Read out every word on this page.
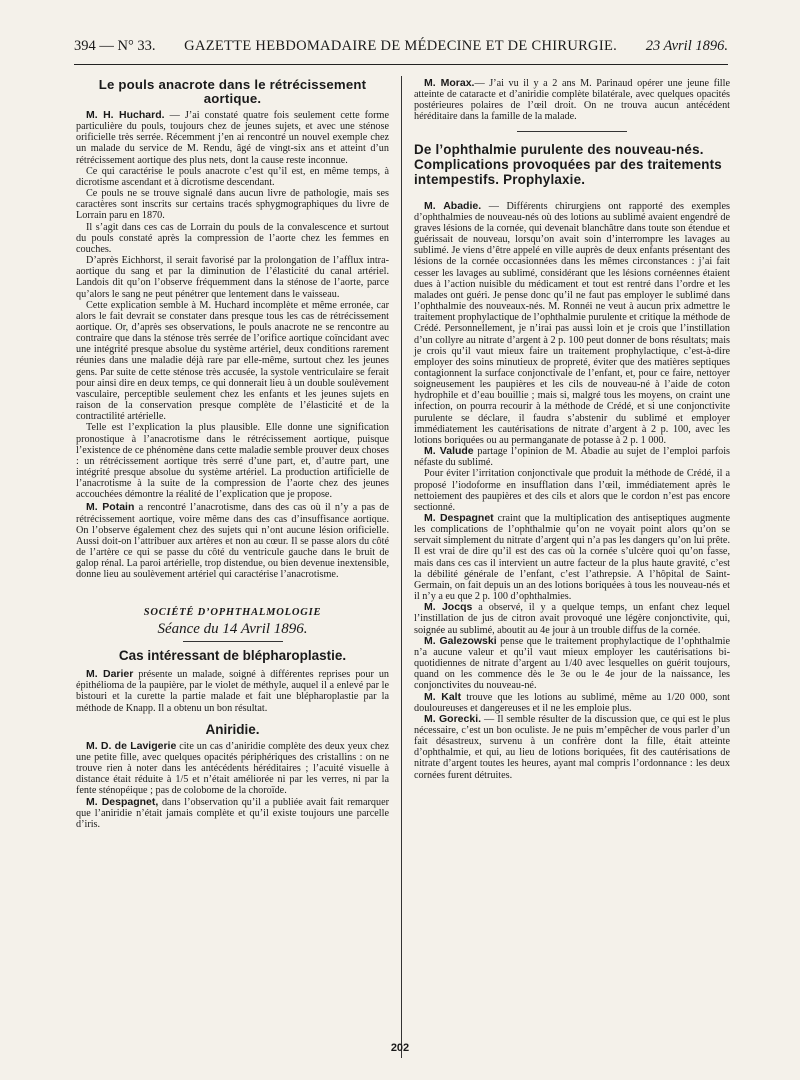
394 — N° 33. GAZETTE HEBDOMADAIRE DE MÉDECINE ET DE CHIRURGIE. 23 Avril 1896.
Le pouls anacrote dans le rétrécissement aortique.

M. H. Huchard. — J’ai constaté quatre fois seulement cette forme particulière du pouls, toujours chez de jeunes sujets, et avec une sténose orificielle très serrée. Récemment j’en ai rencontré un nouvel exemple chez un malade du service de M. Rendu, âgé de vingt-six ans et atteint d’un rétrécissement aortique des plus nets, dont la cause reste inconnue.

Ce qui caractérise le pouls anacrote c’est qu’il est, en même temps, à dicrotisme ascendant et à dicrotisme descendant.

Ce pouls ne se trouve signalé dans aucun livre de pathologie, mais ses caractères sont inscrits sur certains tracés sphygmographiques du livre de Lorrain paru en 1870.

Il s’agit dans ces cas de Lorrain du pouls de la convalescence et surtout du pouls constaté après la compression de l’aorte chez les femmes en couches.

D’après Eichhorst, il serait favorisé par la prolongation de l’afflux intra-aortique du sang et par la diminution de l’élasticité du canal artériel. Landois dit qu’on l’observe fréquemment dans la sténose de l’aorte, parce qu’alors le sang ne peut pénétrer que lentement dans le vaisseau.

Cette explication semble à M. Huchard incomplète et même erronée, car alors le fait devrait se constater dans presque tous les cas de rétrécissement aortique. Or, d’après ses observations, le pouls anacrote ne se rencontre au contraire que dans la sténose très serrée de l’orifice aortique coïncidant avec une intégrité presque absolue du système artériel, deux conditions rarement réunies dans une maladie déjà rare par elle-même, surtout chez les jeunes gens. Par suite de cette sténose très accusée, la systole ventriculaire se ferait pour ainsi dire en deux temps, ce qui donnerait lieu à un double soulèvement vasculaire, perceptible seulement chez les enfants et les jeunes sujets en raison de la conservation presque complète de l’élasticité et de la contractilité artérielle.

Telle est l’explication la plus plausible. Elle donne une signification pronostique à l’anacrotisme dans le rétrécissement aortique, puisque l’existence de ce phénomène dans cette maladie semble prouver deux choses : un rétrécissement aortique très serré d’une part, et, d’autre part, une intégrité presque absolue du système artériel. La production artificielle de l’anacrotisme à la suite de la compression de l’aorte chez des jeunes accouchées démontre la réalité de l’explication que je propose.

M. Potain a rencontré l’anacrotisme, dans des cas où il n’y a pas de rétrécissement aortique, voire même dans des cas d’insuffisance aortique. On l’observe également chez des sujets qui n’ont aucune lésion orificielle. Aussi doit-on l’attribuer aux artères et non au cœur. Il se passe alors du côté de l’artère ce qui se passe du côté du ventricule gauche dans le bruit de galop rénal. La paroi artérielle, trop distendue, ou bien devenue inextensible, donne lieu au soulèvement artériel qui caractérise l’anacrotisme.

SOCIÉTÉ D’OPHTHALMOLOGIE
Séance du 14 Avril 1896.
Cas intéressant de blépharoplastie.

M. Darier présente un malade, soigné à différentes reprises pour un épithélioma de la paupière, par le violet de méthyle, auquel il a enlevé par le bistouri et la curette la partie malade et fait une blépharoplastie par la méthode de Knapp. Il a obtenu un bon résultat.

Aniridie.

M. D. de Lavigerie cite un cas d’aniridie complète des deux yeux chez une petite fille, avec quelques opacités périphériques des cristallins : on ne trouve rien à noter dans les antécédents héréditaires ; l’acuité visuelle à distance était réduite à 1/5 et n’était améliorée ni par les verres, ni par la fente sténopéique ; pas de colobome de la choroïde.

M. Despagnet, dans l’observation qu’il a publiée avait fait remarquer que l’aniridie n’était jamais complète et qu’il existe toujours une parcelle d’iris.

M. Morax.— J’ai vu il y a 2 ans M. Parinaud opérer une jeune fille atteinte de cataracte et d’aniridie complète bilatérale, avec quelques opacités postérieures polaires de l’œil droit. On ne trouva aucun antécédent héréditaire dans la famille de la malade.

De l’ophthalmie purulente des nouveau-nés. Complications provoquées par des traitements intempestifs. Prophylaxie.

M. Abadie. — Différents chirurgiens ont rapporté des exemples d’ophthalmies de nouveau-nés où des lotions au sublimé avaient engendré de graves lésions de la cornée, qui devenait blanchâtre dans toute son étendue et guérissait de nouveau, lorsqu’on avait soin d’interrompre les lavages au sublimé. Je viens d’être appelé en ville auprès de deux enfants présentant des lésions de la cornée occasionnées dans les mêmes circonstances : j’ai fait cesser les lavages au sublimé, considérant que les lésions cornéennes étaient dues à l’action nuisible du médicament et tout est rentré dans l’ordre et les malades ont guéri. Je pense donc qu’il ne faut pas employer le sublimé dans l’ophthalmie des nouveaux-nés. M. Ronnéi ne veut à aucun prix admettre le traitement prophylactique de l’ophthalmie purulente et critique la méthode de Crédé. Personnellement, je n’irai pas aussi loin et je crois que l’instillation d’un collyre au nitrate d’argent à 2 p. 100 peut donner de bons résultats; mais je crois qu’il vaut mieux faire un traitement prophylactique, c’est-à-dire employer des soins minutieux de propreté, éviter que des matières septiques contagionnent la surface conjonctivale de l’enfant, et, pour ce faire, nettoyer soigneusement les paupières et les cils de nouveau-né à l’aide de coton hydrophile et d’eau bouillie ; mais si, malgré tous les moyens, on craint une infection, on pourra recourir à la méthode de Crédé, et si une conjonctivite purulente se déclare, il faudra s’abstenir du sublimé et employer immédiatement les cautérisations de nitrate d’argent à 2 p. 100, avec les lotions boriquées ou au permanganate de potasse à 2 p. 1 000.

M. Valude partage l’opinion de M. Abadie au sujet de l’emploi parfois néfaste du sublimé.

Pour éviter l’irritation conjonctivale que produit la méthode de Crédé, il a proposé l’iodoforme en insufflation dans l’œil, immédiatement après le nettoiement des paupières et des cils et alors que le cordon n’est pas encore sectionné.

M. Despagnet craint que la multiplication des antiseptiques augmente les complications de l’ophthalmie qu’on ne voyait point alors qu’on se servait simplement du nitrate d’argent qui n’a pas les dangers qu’on lui prête. Il est vrai de dire qu’il est des cas où la cornée s’ulcère quoi qu’on fasse, mais dans ces cas il intervient un autre facteur de la plus haute gravité, c’est la débilité générale de l’enfant, c’est l’athrepsie. A l’hôpital de Saint-Germain, on fait depuis un an des lotions boriquées à tous les nouveau-nés et il n’y a eu que 2 p. 100 d’ophthalmies.

M. Jocqs a observé, il y a quelque temps, un enfant chez lequel l’instillation de jus de citron avait provoqué une légère conjonctivite, qui, soignée au sublimé, aboutit au 4e jour à un trouble diffus de la cornée.

M. Galezowski pense que le traitement prophylactique de l’ophthalmie n’a aucune valeur et qu’il vaut mieux employer les cautérisations bi-quotidiennes de nitrate d’argent au 1/40 avec lesquelles on guérit toujours, quand on les commence dès le 3e ou le 4e jour de la naissance, les conjonctivites du nouveau-né.

M. Kalt trouve que les lotions au sublimé, même au 1/20 000, sont douloureuses et dangereuses et il ne les emploie plus.

M. Gorecki. — Il semble résulter de la discussion que, ce qui est le plus nécessaire, c’est un bon oculiste. Je ne puis m’empêcher de vous parler d’un fait désastreux, survenu à un confrère dont la fille, était atteinte d’ophthalmie, et qui, au lieu de lotions boriquées, fit des cautérisations de nitrate d’argent toutes les heures, ayant mal compris l’ordonnance : les deux cornées furent détruites.

202
